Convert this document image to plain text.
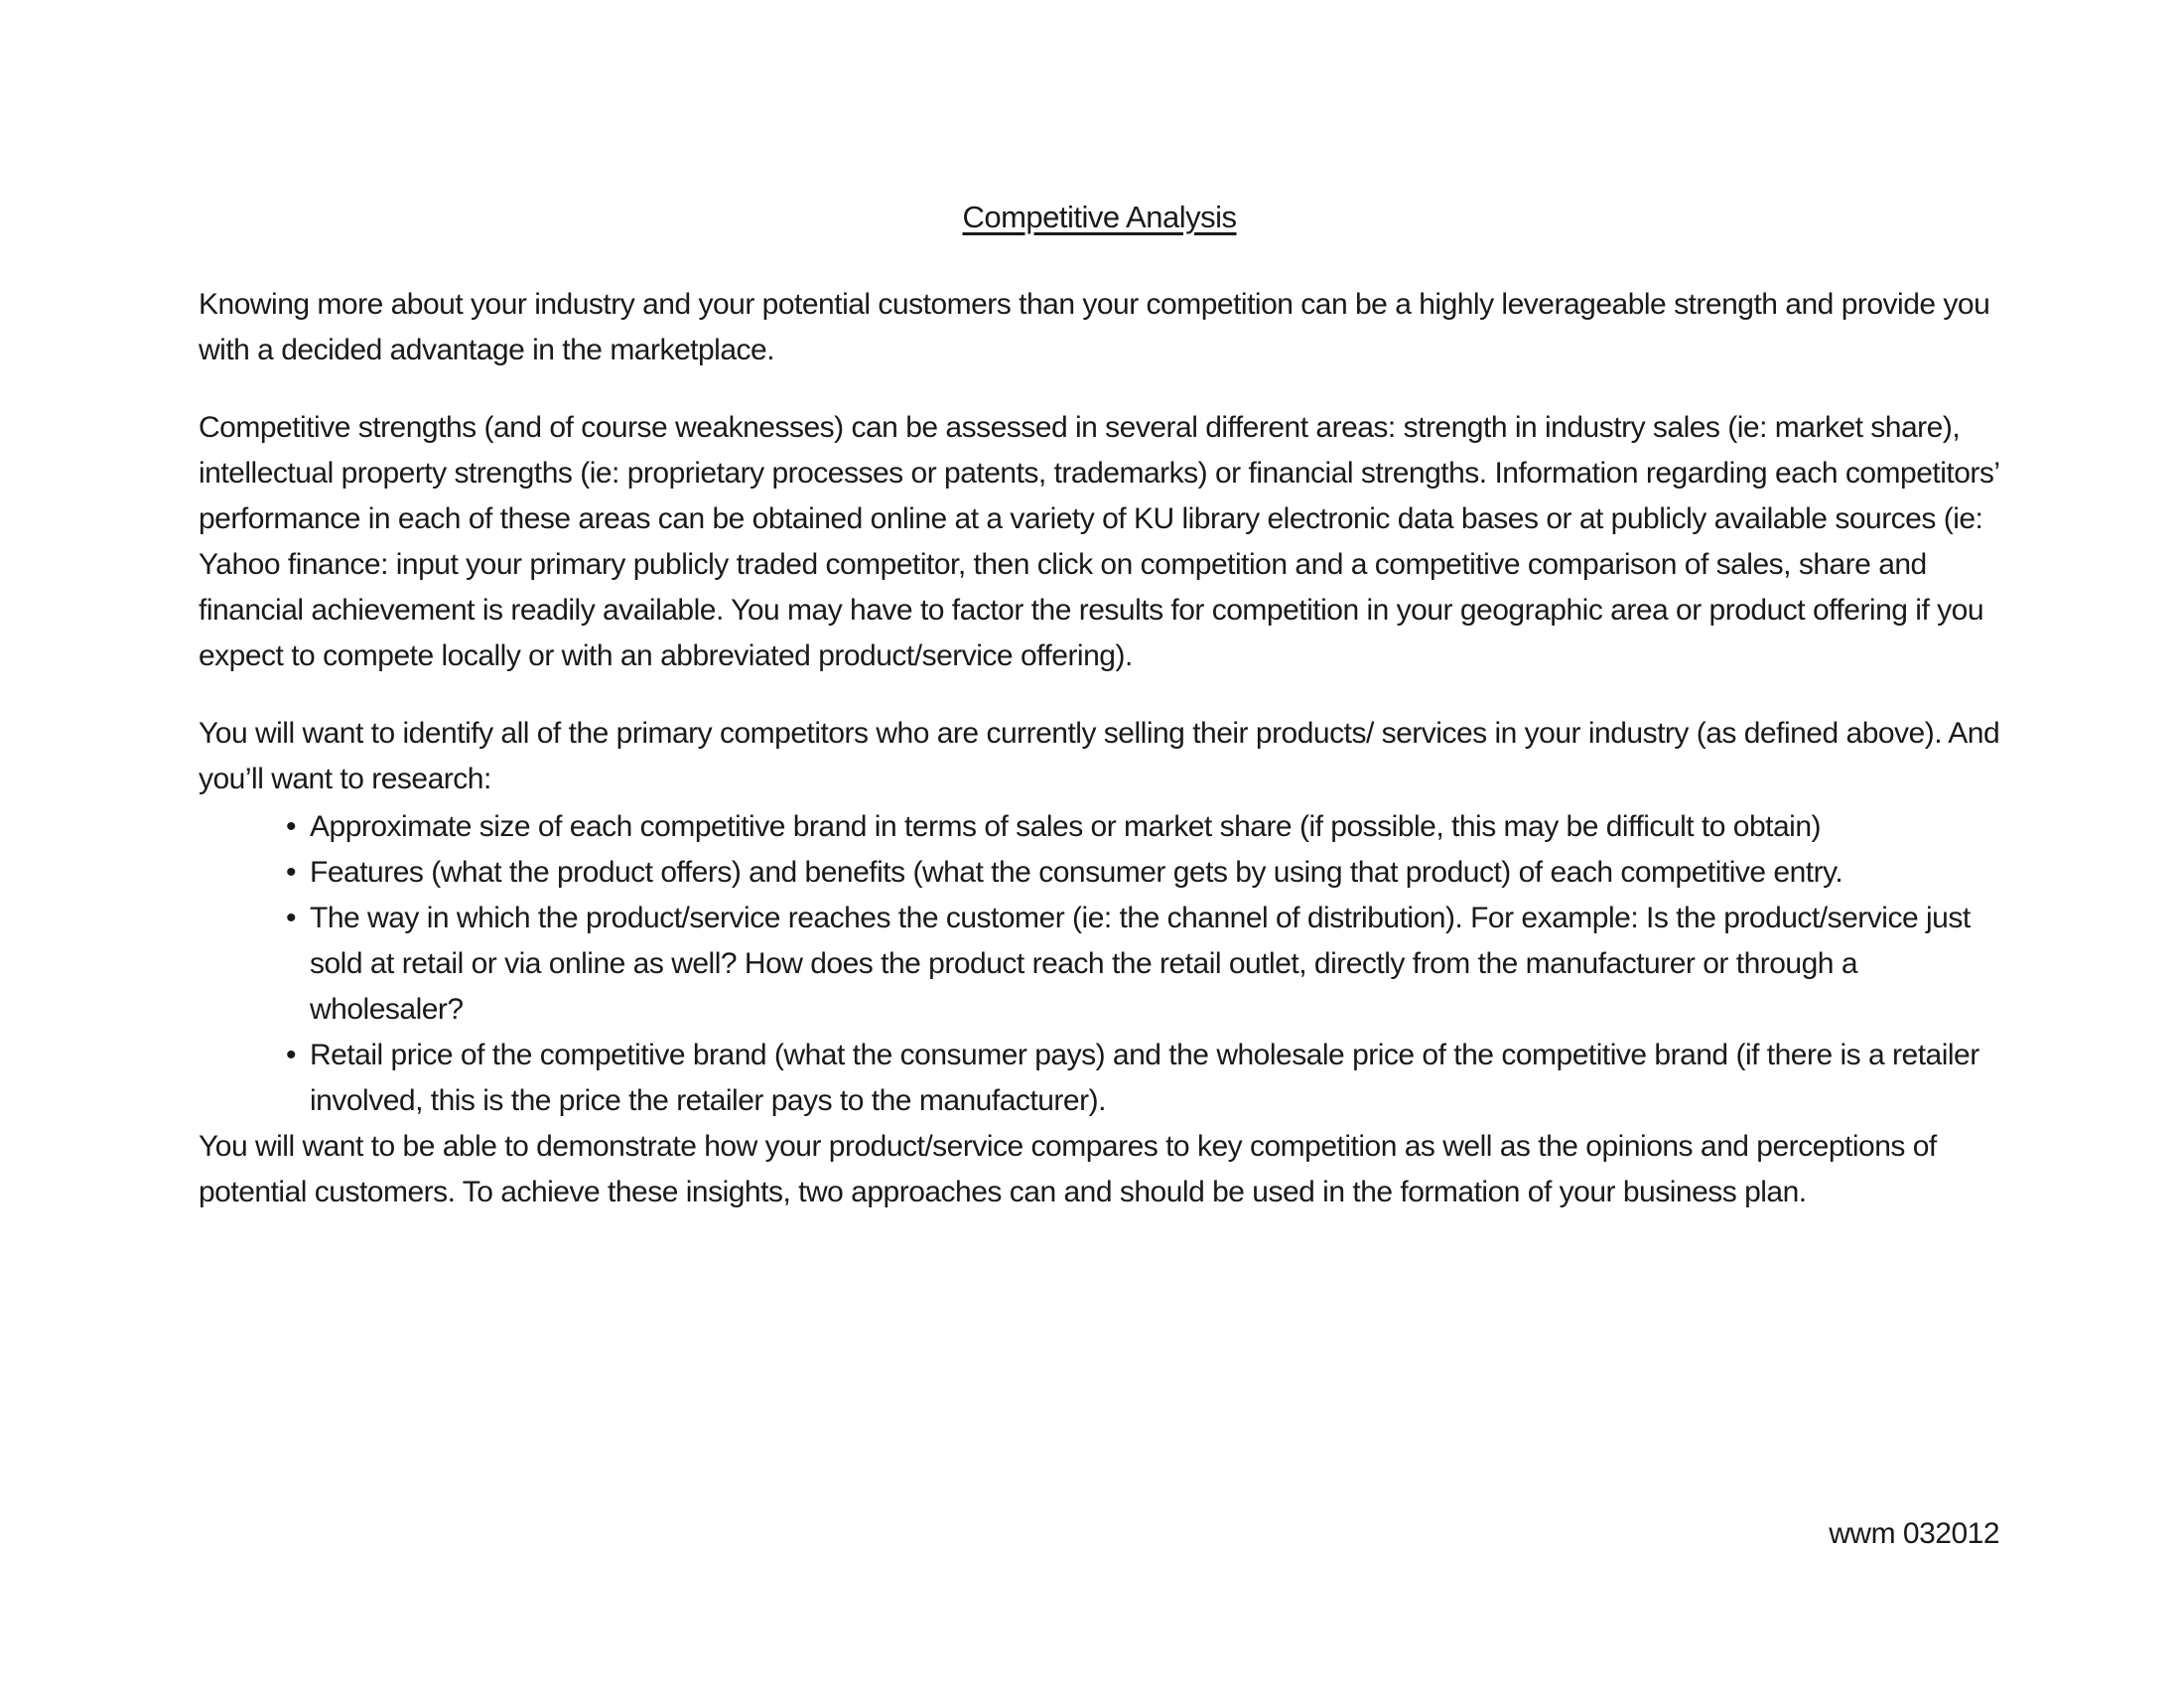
Competitive Analysis

Knowing more about your industry and your potential customers than your competition can be a highly leverageable strength and provide you with a decided advantage in the marketplace.

Competitive strengths (and of course weaknesses) can be assessed in several different areas: strength in industry sales (ie: market share), intellectual property strengths (ie: proprietary processes or patents, trademarks) or financial strengths. Information regarding each competitors’ performance in each of these areas can be obtained online at a variety of KU library electronic data bases or at publicly available sources (ie: Yahoo finance: input your primary publicly traded competitor, then click on competition and a competitive comparison of sales, share and financial achievement is readily available. You may have to factor the results for competition in your geographic area or product offering if you expect to compete locally or with an abbreviated product/service offering).

You will want to identify all of the primary competitors who are currently selling their products/ services in your industry (as defined above). And you’ll want to research:

•
Approximate size of each competitive brand in terms of sales or market share (if possible, this may be difficult to obtain)
•
Features (what the product offers) and benefits (what the consumer gets by using that product) of each competitive entry.
•
The way in which the product/service reaches the customer (ie: the channel of distribution). For example: Is the product/service just sold at retail or via online as well? How does the product reach the retail outlet, directly from the manufacturer or through a wholesaler?
•
Retail price of the competitive brand (what the consumer pays) and the wholesale price of the competitive brand (if there is a retailer involved, this is the price the retailer pays to the manufacturer).

You will want to be able to demonstrate how your product/service compares to key competition as well as the opinions and perceptions of potential customers. To achieve these insights, two approaches can and should be used in the formation of your business plan.

wwm 032012
